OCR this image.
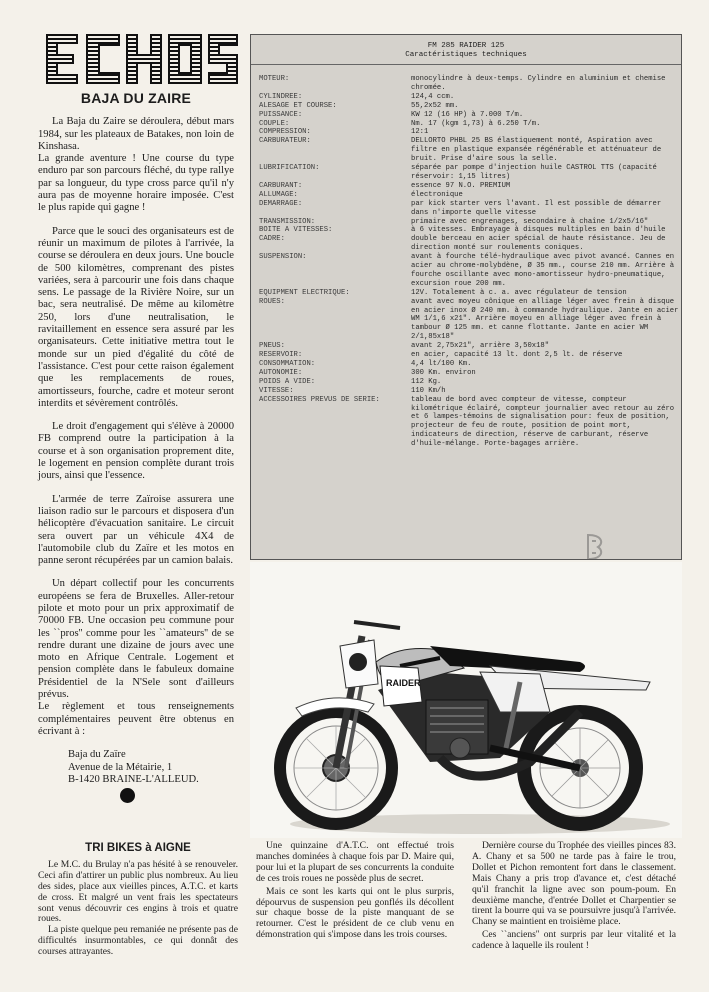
BAJA DU ZAIRE

La Baja du Zaire se déroulera, début mars 1984, sur les plateaux de Batakes, non loin de Kinshasa.

La grande aventure ! Une course du type enduro par son parcours fléché, du type rallye par sa longueur, du type cross parce qu'il n'y aura pas de moyenne horaire imposée. C'est le plus rapide qui gagne !

Parce que le souci des organisateurs est de réunir un maximum de pilotes à l'arrivée, la course se déroulera en deux jours. Une boucle de 500 kilomètres, comprenant des pistes variées, sera à parcourir une fois dans chaque sens. Le passage de la Rivière Noire, sur un bac, sera neutralisé. De même au kilomètre 250, lors d'une neutralisation, le ravitaillement en essence sera assuré par les organisateurs. Cette initiative mettra tout le monde sur un pied d'égalité du côté de l'assistance. C'est pour cette raison également que les remplacements de roues, amortisseurs, fourche, cadre et moteur seront interdits et sévèrement contrôlés.

Le droit d'engagement qui s'élève à 20000 FB comprend outre la participation à la course et à son organisation proprement dite, le logement en pension complète durant trois jours, ainsi que l'essence.

L'armée de terre Zaïroise assurera une liaison radio sur le parcours et disposera d'un hélicoptère d'évacuation sanitaire. Le circuit sera ouvert par un véhicule 4X4 de l'automobile club du Zaïre et les motos en panne seront récupérées par un camion balais.

Un départ collectif pour les concurrents européens se fera de Bruxelles. Aller-retour pilote et moto pour un prix approximatif de 70000 FB. Une occasion peu commune pour les ``pros'' comme pour les ``amateurs'' de se rendre durant une dizaine de jours avec une moto en Afrique Centrale. Logement et pension complète dans le fabuleux domaine Présidentiel de la N'Sele sont d'ailleurs prévus.

Le règlement et tous renseignements complémentaires peuvent être obtenus en écrivant à :

Baja du Zaïre
Avenue de la Métairie, 1
B-1420 BRAINE-L'ALLEUD.
FM 285 RAIDER 125
Caractéristiques techniques
MOTEUR:	monocylindre à deux-temps. Cylindre en aluminium et chemise chromée.
CYLINDREE:	124,4 ccm.
ALESAGE ET COURSE:	55,2x52 mm.
PUISSANCE:	KW 12 (16 HP) à 7.000 T/m.
COUPLE:	Nm. 17 (kgm 1,73) à 6.250 T/m.
COMPRESSION:	12:1
CARBURATEUR:	DELLORTO PHBL 25 BS élastiquement monté, Aspiration avec filtre en plastique expansée régénérable et atténuateur de bruit. Prise d'aire sous la selle.
LUBRIFICATION:	séparée par pompe d'injection huile CASTROL TTS (capacité réservoir: 1,15 litres)
CARBURANT:	essence 97 N.O. PREMIUM
ALLUMAGE:	électronique
DEMARRAGE:	par kick starter vers l'avant. Il est possible de démarrer dans n'importe quelle vitesse
TRANSMISSION:	primaire avec engrenages, secondaire à chaîne 1/2x5/16"
BOITE A VITESSES:	à 6 vitesses. Embrayage à disques multiples en bain d'huile
CADRE:	double berceau en acier spécial de haute résistance. Jeu de direction monté sur roulements coniques.
SUSPENSION:	avant à fourche télé-hydraulique avec pivot avancé. Cannes en acier au chrome-molybdène, Ø 35 mm., course 210 mm. Arrière à fourche oscillante avec mono-amortisseur hydro-pneumatique, excursion roue 200 mm.
EQUIPMENT ELECTRIQUE:	12V. Totalement à c. a. avec régulateur de tension
ROUES:	avant avec moyeu cônique en alliage léger avec frein à disque en acier inox Ø 240 mm. à commande hydraulique. Jante en acier WM 1/1,6 x21". Arrière moyeu en alliage léger avec frein à tambour Ø 125 mm. et canne flottante. Jante en acier WM 2/1,85x18"
PNEUS:	avant 2,75x21", arrière 3,50x18"
RESERVOIR:	en acier, capacité 13 lt. dont 2,5 lt. de réserve
CONSOMMATION:	4,4 lt/100 Km.
AUTONOMIE:	300 Km. environ
POIDS A VIDE:	112 Kg.
VITESSE:	110 Km/h
ACCESSOIRES PREVUS DE SERIE:	tableau de bord avec compteur de vitesse, compteur kilométrique éclairé, compteur journalier avec retour au zéro et 6 lampes-témoins de signalisation pour: feux de position, projecteur de feu de route, position de point mort, indicateurs de direction, réserve de carburant, réserve d'huile-mélange. Porte-bagages arrière.
RAIDER
TRI BIKES à AIGNE

Le M.C. du Brulay n'a pas hésité à se renouveler. Ceci afin d'attirer un public plus nombreux. Au lieu des sides, place aux vieilles pinces, A.T.C. et karts de cross. Et malgré un vent frais les spectateurs sont venus découvrir ces engins à trois et quatre roues.

La piste quelque peu remaniée ne présente pas de difficultés insurmontables, ce qui donnât des courses attrayantes.

Une quinzaine d'A.T.C. ont effectué trois manches dominées à chaque fois par D. Maire qui, pour lui et la plupart de ses concurrents la conduite de ces trois roues ne possède plus de secret.

Mais ce sont les karts qui ont le plus surpris, dépourvus de suspension peu gonflés ils décollent sur chaque bosse de la piste manquant de se retourner. C'est le président de ce club venu en démonstration qui s'impose dans les trois courses.

Dernière course du Trophée des vieilles pinces 83. A. Chany et sa 500 ne tarde pas à faire le trou, Dollet et Pichon remontent fort dans le classement. Mais Chany a pris trop d'avance et, c'est détaché qu'il franchit la ligne avec son poum-poum. En deuxième manche, d'entrée Dollet et Charpentier se tirent la bourre qui va se poursuivre jusqu'à l'arrivée. Chany se maintient en troisième place.

Ces ``anciens'' ont surpris par leur vitalité et la cadence à laquelle ils roulent !
